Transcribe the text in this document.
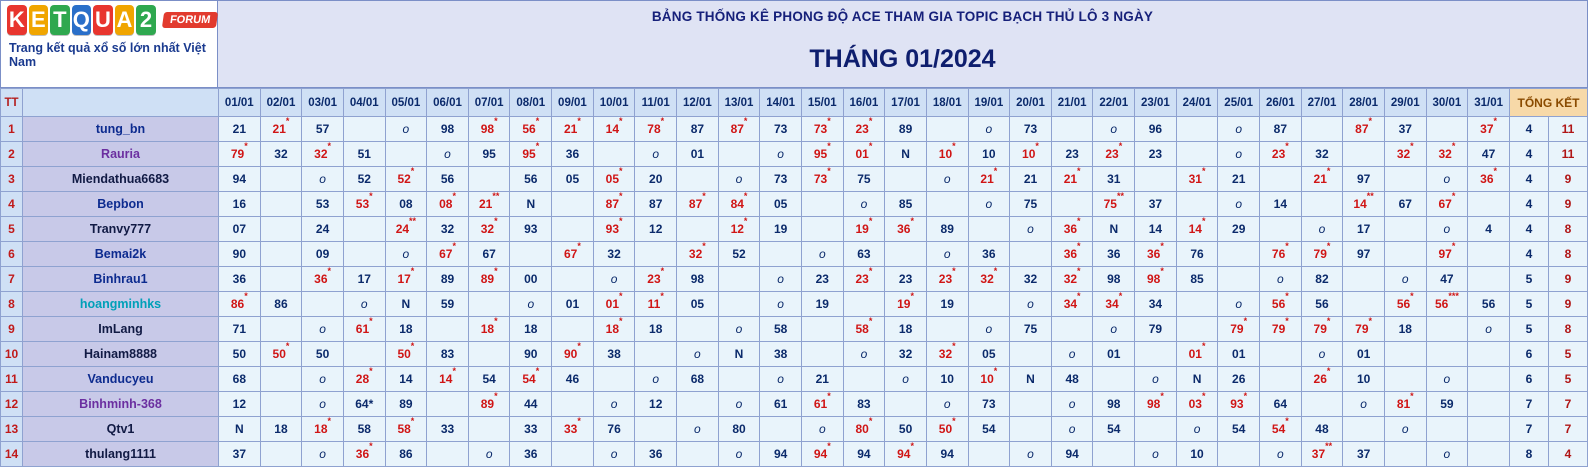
K E T Q U A 2	FORUM
Trang kết quả xổ số lớn nhất Việt Nam
BẢNG THỐNG KÊ PHONG ĐỘ ACE THAM GIA TOPIC BẠCH THỦ LÔ 3 NGÀY
THÁNG 01/2024
TT		01/01	02/01	03/01	04/01	05/01	06/01	07/01	08/01	09/01	10/01	11/01	12/01	13/01	14/01	15/01	16/01	17/01	18/01	19/01	20/01	21/01	22/01	23/01	24/01	25/01	26/01	27/01	28/01	29/01	30/01	31/01	TỔNG KẾT	
1	tung_bn	21	21*	57		o	98	98*	56*	21*	14*	78*	87	87*	73	73*	23*	89		o	73		o	96		o	87		87*	37		37*	4	11
2	Rauria	79*	32	32*	51		o	95	95*	36		o	01		o	95*	01*	N	10*	10	10*	23	23*	23		o	23*	32		32*	32*	47	4	11
3	Miendathua6683	94		o	52	52*	56		56	05	05*	20		o	73	73*	75		o	21*	21	21*	31		31*	21		21*	97		o	36*	4	9
4	Bepbon	16		53	53*	08	08*	21**	N		87*	87	87*	84*	05		o	85		o	75		75**	37		o	14		14**	67	67*		4	9
5	Tranvy777	07		24		24**	32	32*	93		93*	12		12*	19		19*	36*	89		o	36*	N	14	14*	29		o	17		o	4	4	8
6	Bemai2k	90		09		o	67*	67		67*	32		32*	52		o	63		o	36		36*	36	36*	76		76*	79*	97		97*		4	8
7	Binhrau1	36		36*	17	17*	89	89*	00		o	23*	98		o	23	23*	23	23*	32*	32	32*	98	98*	85		o	82		o	47		5	9
8	hoangminhks	86*	86		o	N	59		o	01	01*	11*	05		o	19		19*	19		o	34*	34*	34		o	56*	56		56*	56***	56	5	9
9	ImLang	71		o	61*	18		18*	18		18*	18		o	58		58*	18		o	75		o	79		79*	79*	79*	79*	18		o	5	8
10	Hainam8888	50	50*	50		50*	83		90	90*	38		o	N	38		o	32	32*	05		o	01		01*	01		o	01				6	5
11	Vanducyeu	68		o	28*	14	14*	54	54*	46		o	68		o	21		o	10	10*	N	48		o	N	26		26*	10		o		6	5
12	Binhminh-368	12		o	64*	89		89*	44		o	12		o	61	61*	83		o	73		o	98	98*	03*	93*	64		o	81*	59		7	7
13	Qtv1	N	18	18*	58	58*	33		33	33*	76		o	80		o	80*	50	50*	54		o	54		o	54	54*	48		o			7	7
14	thulang1111	37		o	36*	86		o	36		o	36		o	94	94*	94	94*	94		o	94		o	10		o	37**	37		o		8	4
